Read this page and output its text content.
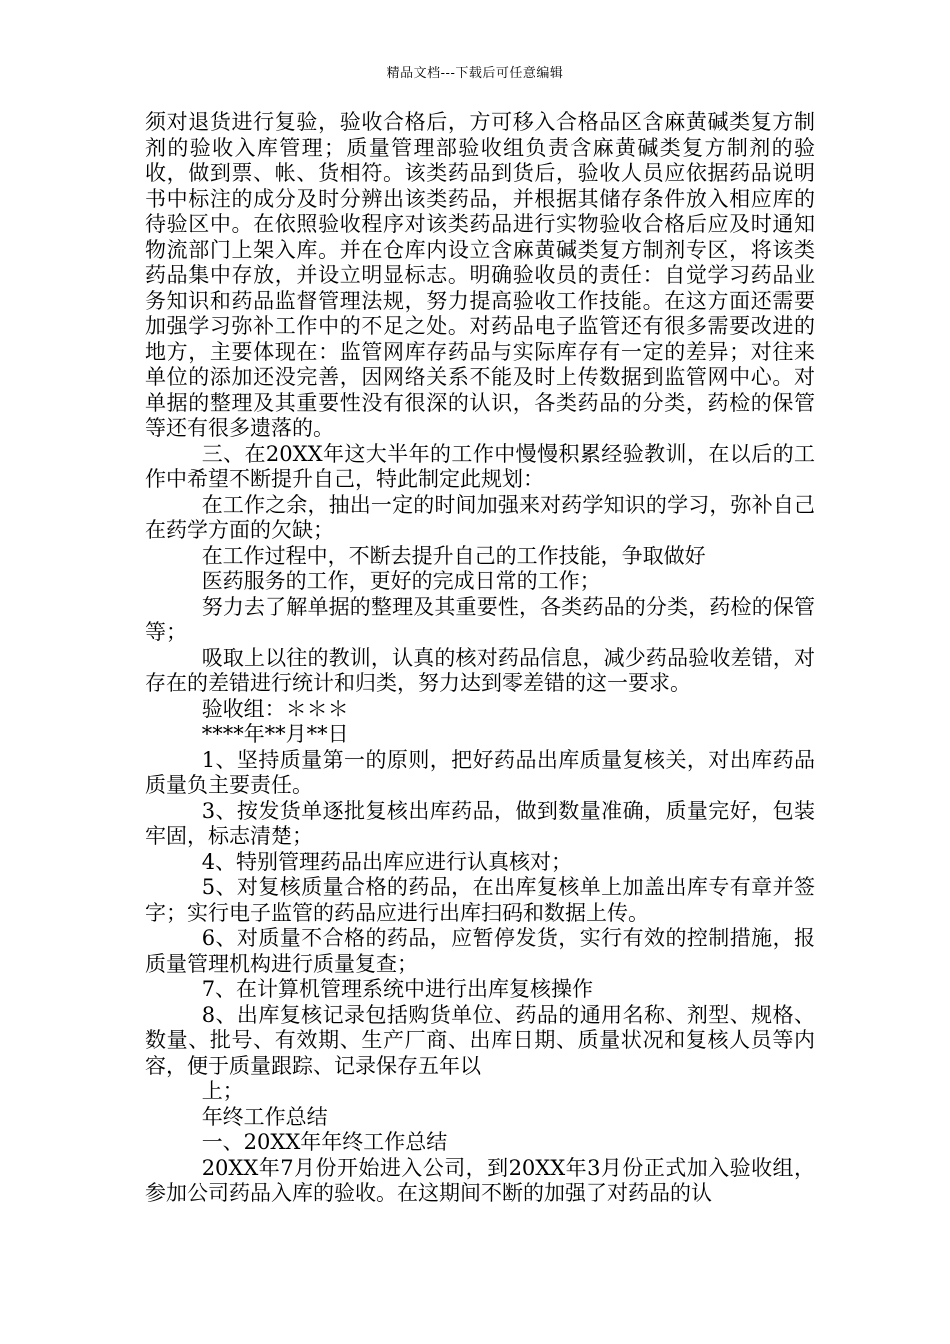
精品文档---下载后可任意编辑

须对退货进行复验，验收合格后，方可移入合格品区含麻黄碱类复方制剂的验收入库管理；质量管理部验收组负责含麻黄碱类复方制剂的验收，做到票、帐、货相符。该类药品到货后，验收人员应依据药品说明书中标注的成分及时分辨出该类药品，并根据其储存条件放入相应库的待验区中。在依照验收程序对该类药品进行实物验收合格后应及时通知物流部门上架入库。并在仓库内设立含麻黄碱类复方制剂专区，将该类药品集中存放，并设立明显标志。明确验收员的责任：自觉学习药品业务知识和药品监督管理法规，努力提高验收工作技能。在这方面还需要加强学习弥补工作中的不足之处。对药品电子监管还有很多需要改进的地方，主要体现在：监管网库存药品与实际库存有一定的差异；对往来单位的添加还没完善，因网络关系不能及时上传数据到监管网中心。对单据的整理及其重要性没有很深的认识，各类药品的分类，药检的保管等还有很多遗落的。

三、在20XX年这大半年的工作中慢慢积累经验教训，在以后的工作中希望不断提升自己，特此制定此规划：

在工作之余，抽出一定的时间加强来对药学知识的学习，弥补自己在药学方面的欠缺；

在工作过程中，不断去提升自己的工作技能，争取做好

医药服务的工作，更好的完成日常的工作；

努力去了解单据的整理及其重要性，各类药品的分类，药检的保管等；

吸取上以往的教训，认真的核对药品信息，减少药品验收差错，对存在的差错进行统计和归类，努力达到零差错的这一要求。

验收组：＊＊＊

****年**月**日

1、坚持质量第一的原则，把好药品出库质量复核关，对出库药品质量负主要责任。

3、按发货单逐批复核出库药品，做到数量准确，质量完好，包装牢固，标志清楚；

4、特别管理药品出库应进行认真核对；

5、对复核质量合格的药品，在出库复核单上加盖出库专有章并签字；实行电子监管的药品应进行出库扫码和数据上传。

6、对质量不合格的药品，应暂停发货，实行有效的控制措施，报质量管理机构进行质量复查；

7、在计算机管理系统中进行出库复核操作

8、出库复核记录包括购货单位、药品的通用名称、剂型、规格、数量、批号、有效期、生产厂商、出库日期、质量状况和复核人员等内容，便于质量跟踪、记录保存五年以

上；

年终工作总结

一、20XX年年终工作总结

20XX年7月份开始进入公司，到20XX年3月份正式加入验收组，参加公司药品入库的验收。在这期间不断的加强了对药品的认
